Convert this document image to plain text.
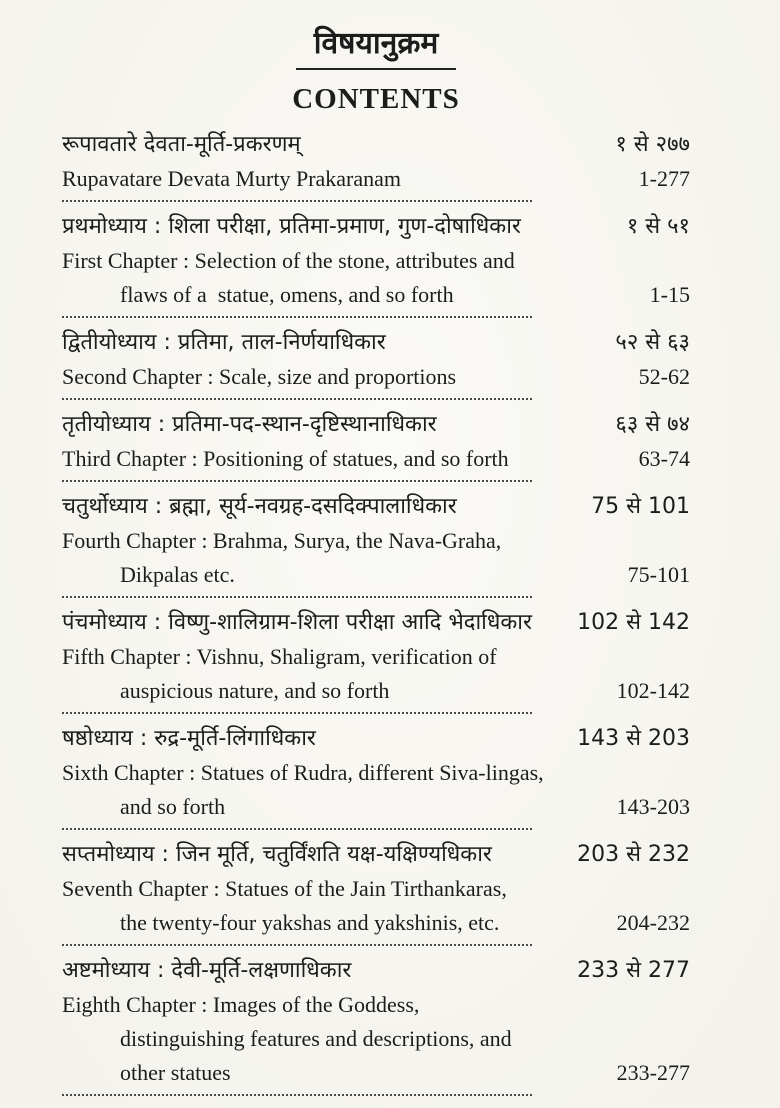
विषयानुक्रम
CONTENTS
रूपावतारे देवता-मूर्ति-प्रकरणम्	१ से २७७
Rupavatare Devata Murty Prakaranam	1-277
प्रथमोध्याय : शिला परीक्षा, प्रतिमा-प्रमाण, गुण-दोषाधिकार	१ से ५१
First Chapter : Selection of the stone, attributes and
flaws of a  statue, omens, and so forth	1-15
द्वितीयोध्याय : प्रतिमा, ताल-निर्णयाधिकार	५२ से ६३
Second Chapter : Scale, size and proportions	52-62
तृतीयोध्याय : प्रतिमा-पद-स्थान-दृष्टिस्थानाधिकार	६३ से ७४
Third Chapter : Positioning of statues, and so forth	63-74
चतुर्थोध्याय : ब्रह्मा, सूर्य-नवग्रह-दसदिक्पालाधिकार	75 से 101
Fourth Chapter : Brahma, Surya, the Nava-Graha,
Dikpalas etc.	75-101
पंचमोध्याय : विष्णु-शालिग्राम-शिला परीक्षा आदि भेदाधिकार	102 से 142
Fifth Chapter : Vishnu, Shaligram, verification of
auspicious nature, and so forth	102-142
षष्ठोध्याय : रुद्र-मूर्ति-लिंगाधिकार	143 से 203
Sixth Chapter : Statues of Rudra, different Siva-lingas,
and so forth	143-203
सप्तमोध्याय : जिन मूर्ति, चतुर्विंशति यक्ष-यक्षिण्यधिकार	203 से 232
Seventh Chapter : Statues of the Jain Tirthankaras,
the twenty-four yakshas and yakshinis, etc.	204-232
अष्टमोध्याय : देवी-मूर्ति-लक्षणाधिकार	233 से 277
Eighth Chapter : Images of the Goddess,
distinguishing features and descriptions, and
other statues	233-277
